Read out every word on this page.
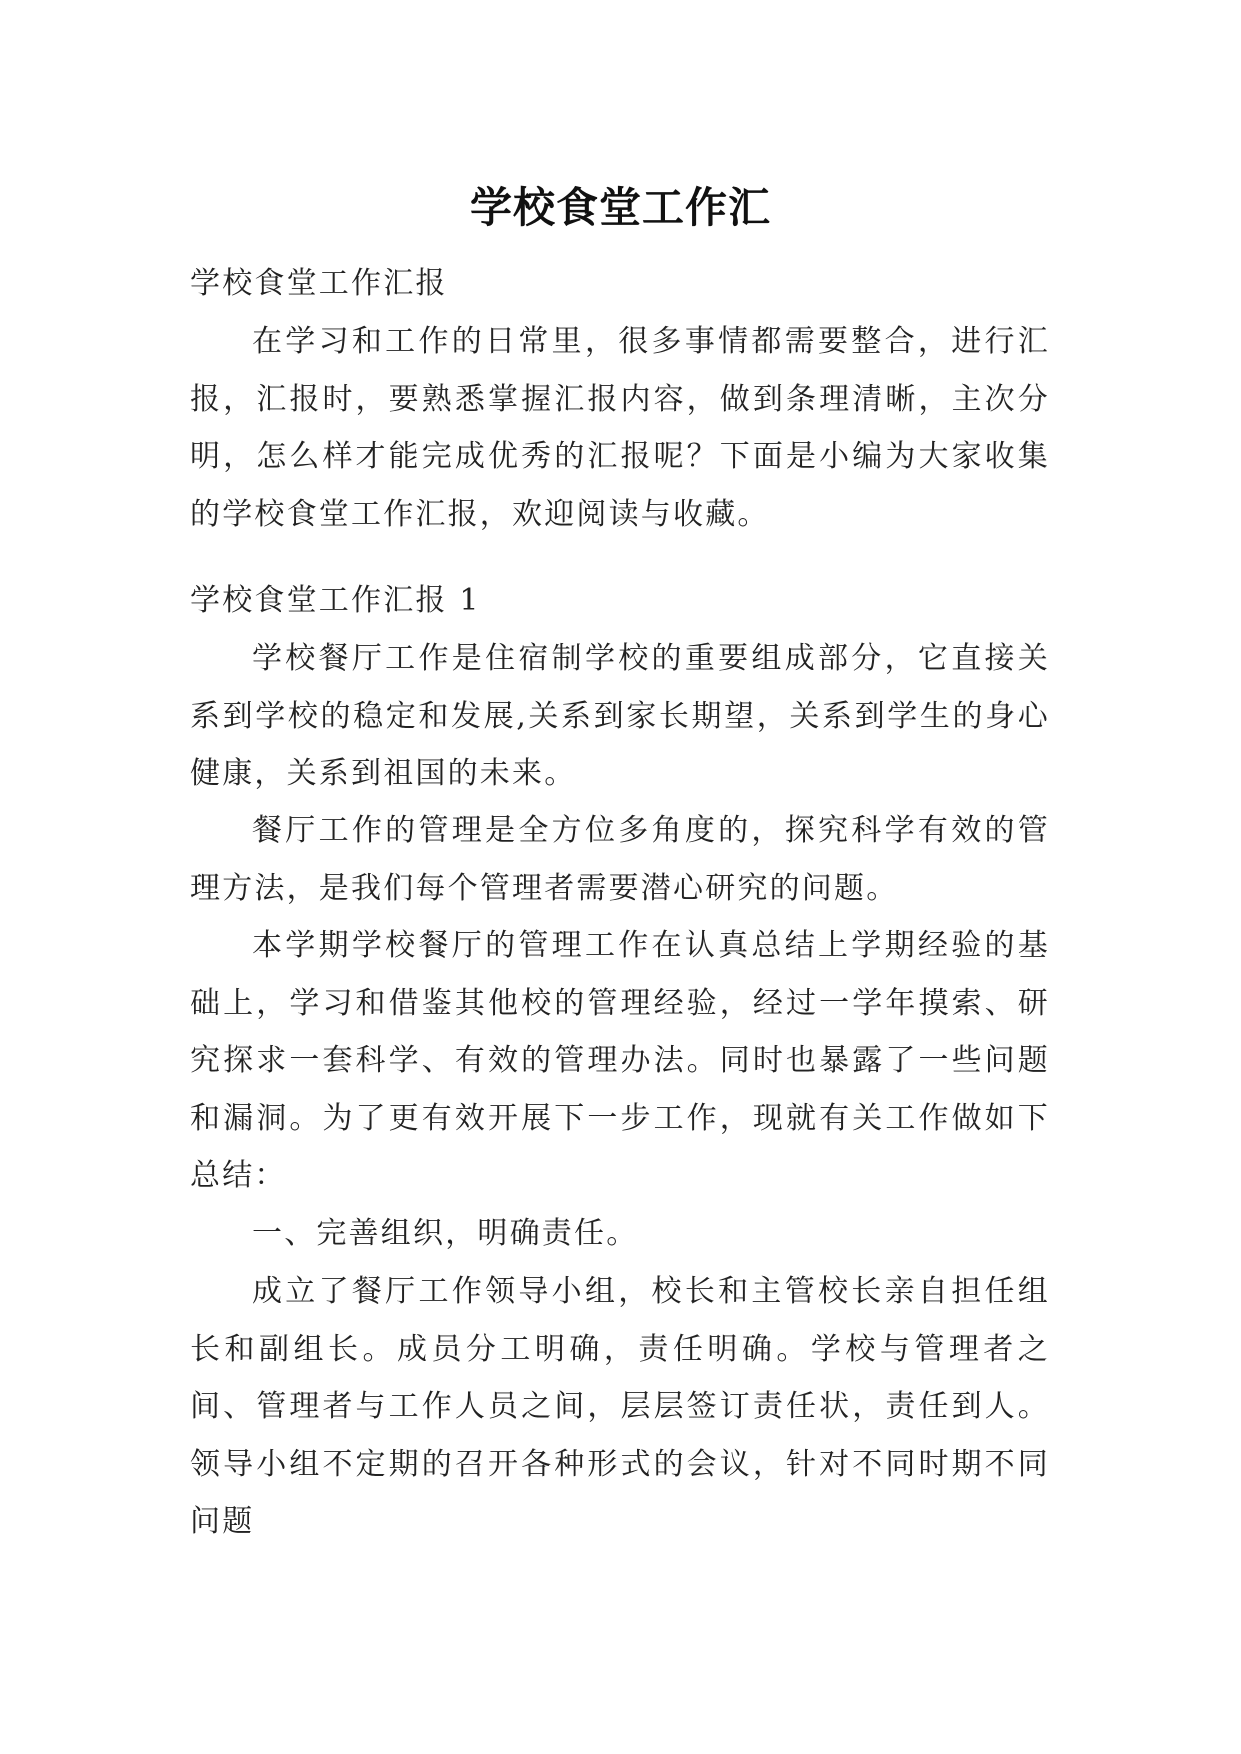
学校食堂工作汇

学校食堂工作汇报

在学习和工作的日常里，很多事情都需要整合，进行汇报，汇报时，要熟悉掌握汇报内容，做到条理清晰，主次分明，怎么样才能完成优秀的汇报呢？下面是小编为大家收集的学校食堂工作汇报，欢迎阅读与收藏。

学校食堂工作汇报 1

学校餐厅工作是住宿制学校的重要组成部分，它直接关系到学校的稳定和发展,关系到家长期望，关系到学生的身心健康，关系到祖国的未来。

餐厅工作的管理是全方位多角度的，探究科学有效的管理方法，是我们每个管理者需要潜心研究的问题。

本学期学校餐厅的管理工作在认真总结上学期经验的基础上，学习和借鉴其他校的管理经验，经过一学年摸索、研究探求一套科学、有效的管理办法。同时也暴露了一些问题和漏洞。为了更有效开展下一步工作，现就有关工作做如下总结：

一、完善组织，明确责任。

成立了餐厅工作领导小组，校长和主管校长亲自担任组长和副组长。成员分工明确，责任明确。学校与管理者之间、管理者与工作人员之间，层层签订责任状，责任到人。领导小组不定期的召开各种形式的会议，针对不同时期不同问题
